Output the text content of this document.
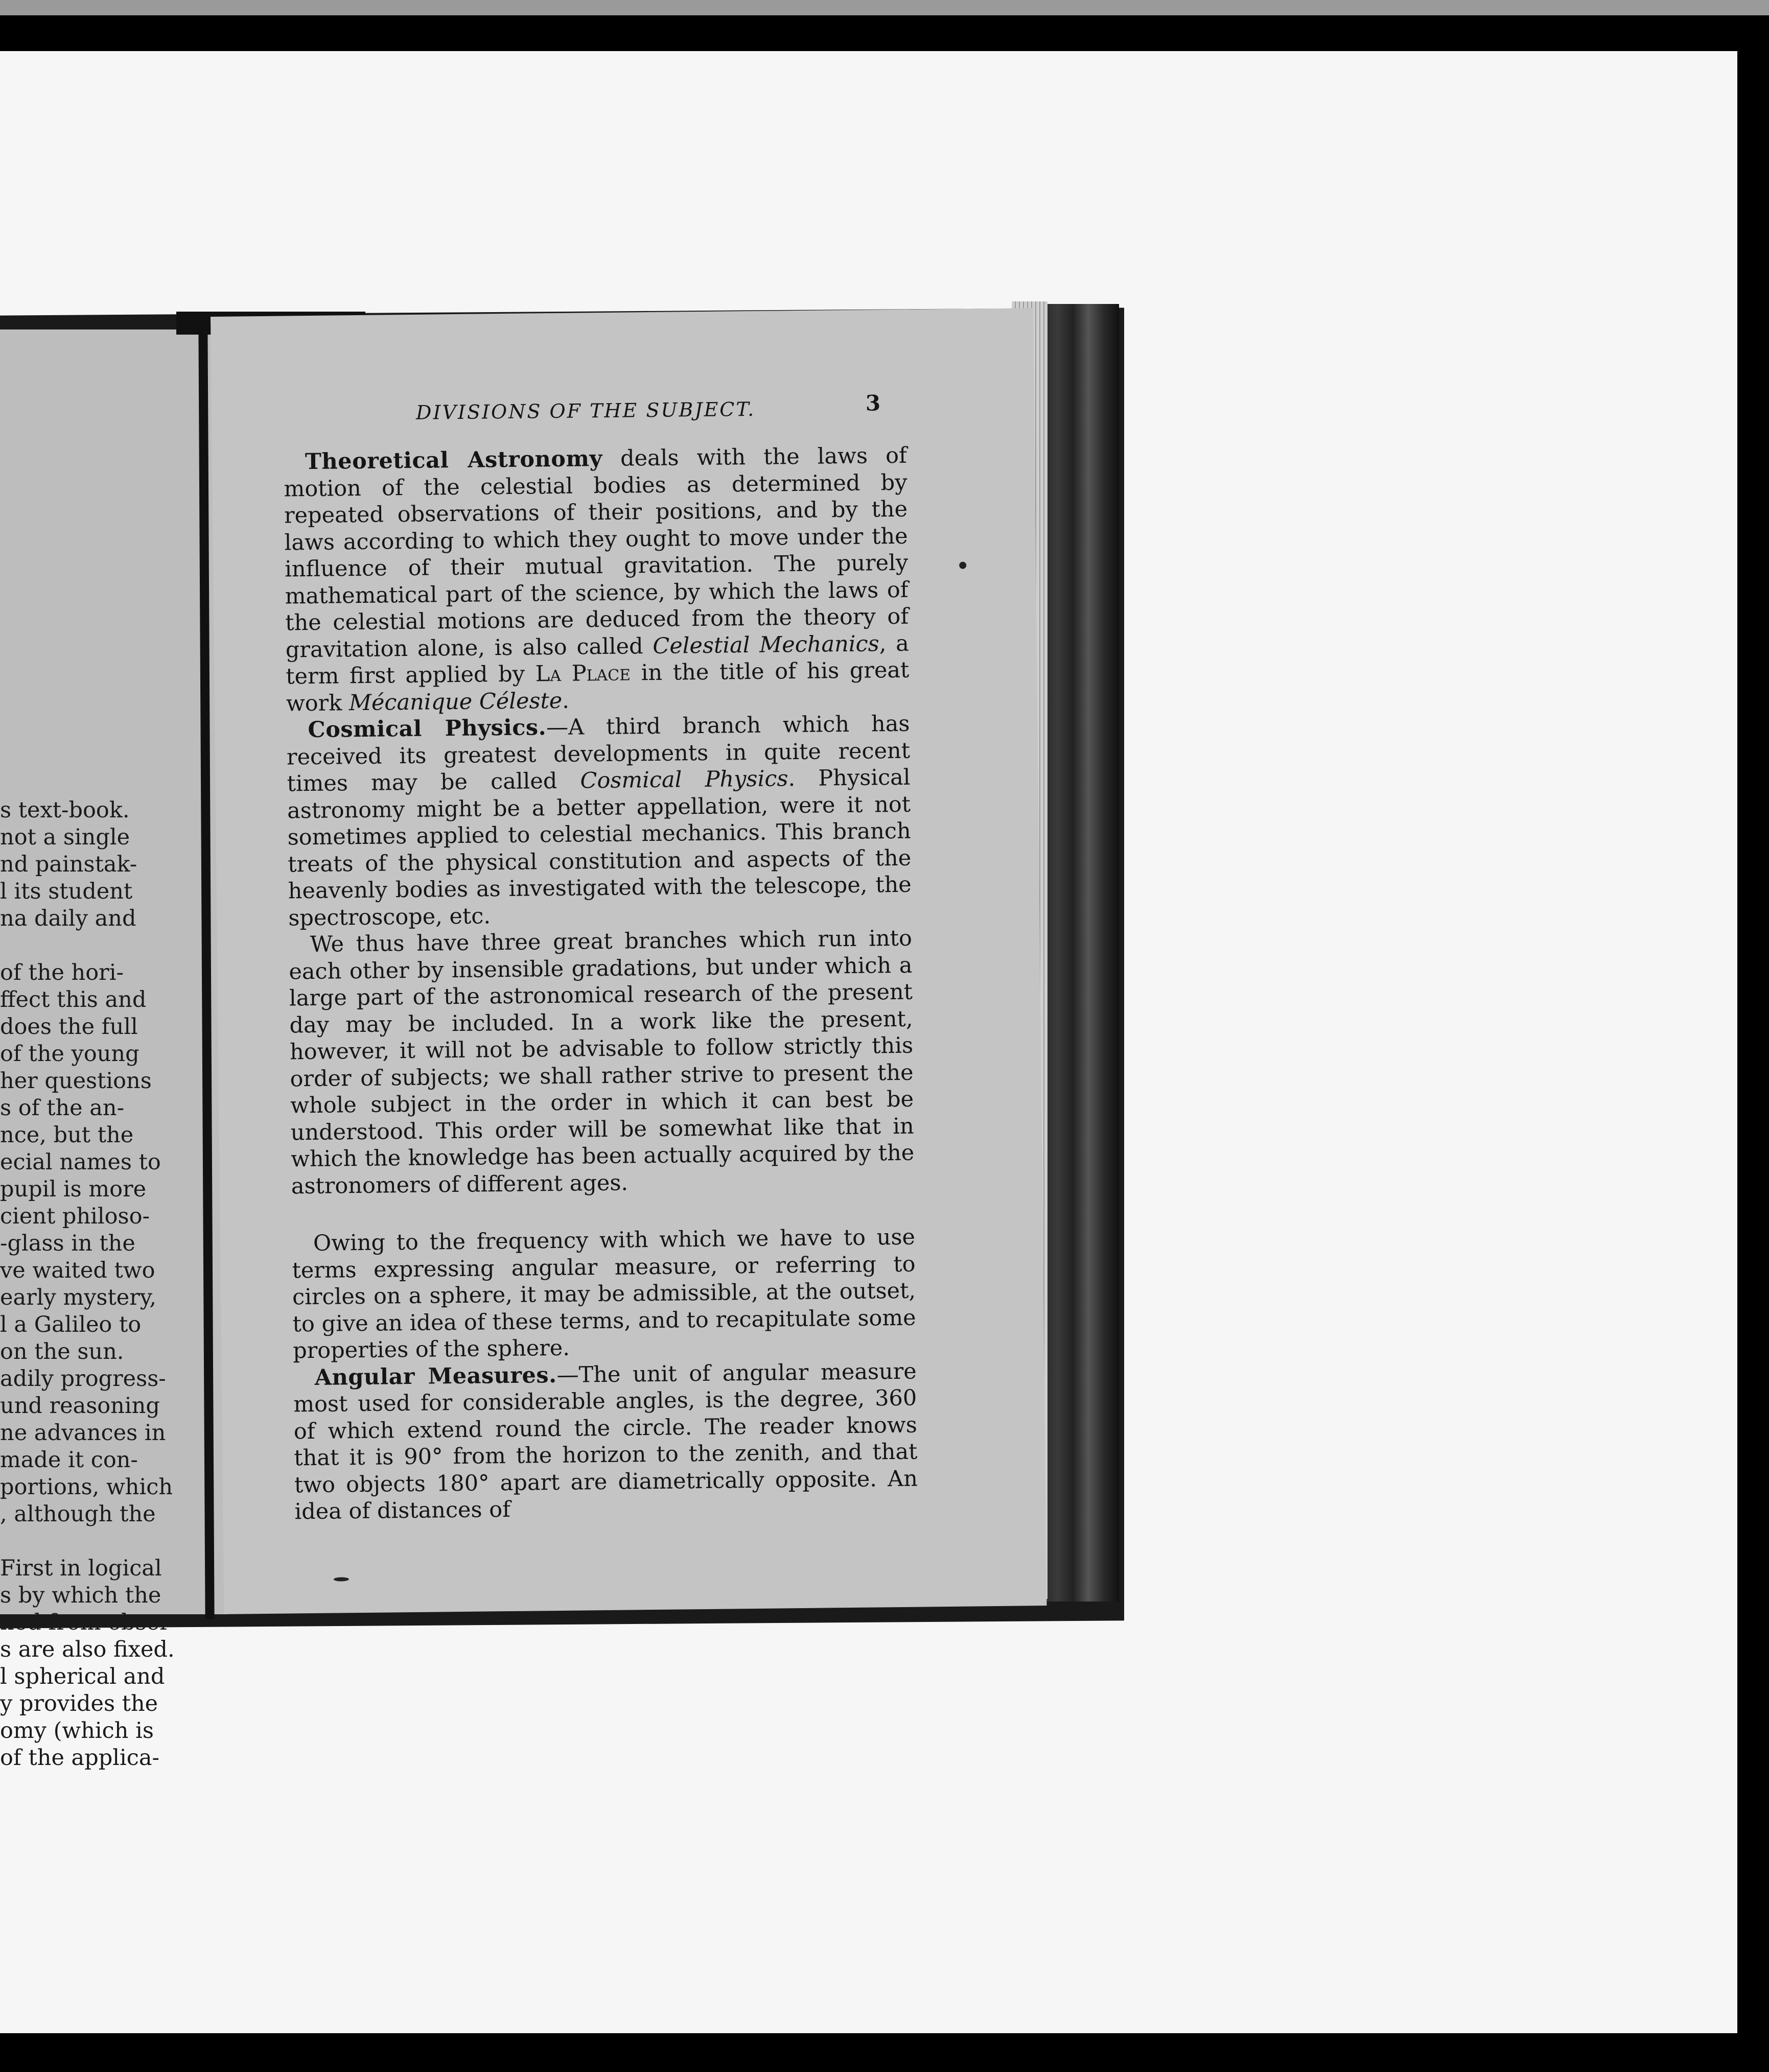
s text-book.
not a single
nd painstak-
l its student
na daily and

of the hori-
ffect this and
does the full
of the young
her questions
s of the an-
nce, but the
ecial names to
pupil is more
cient philoso-
-glass in the
ve waited two
early mystery,
l a Galileo to
on the sun.
adily progress-
und reasoning
ne advances in
made it con-
portions, which
, although the

First in logical
s by which the
ned from obser-
s are also fixed.
l spherical and
y provides the
omy (which is
of the applica-
DIVISIONS OF THE SUBJECT.	3

Theoretical Astronomy deals with the laws of motion of the celestial bodies as determined by repeated observations of their positions, and by the laws according to which they ought to move under the influence of their mutual gravitation. The purely mathematical part of the science, by which the laws of the celestial motions are deduced from the theory of gravitation alone, is also called Celestial Mechanics, a term first applied by La Place in the title of his great work Mécanique Céleste.

Cosmical Physics.—A third branch which has received its greatest developments in quite recent times may be called Cosmical Physics. Physical astronomy might be a better appellation, were it not sometimes applied to celestial mechanics. This branch treats of the physical constitution and aspects of the heavenly bodies as investigated with the telescope, the spectroscope, etc.

We thus have three great branches which run into each other by insensible gradations, but under which a large part of the astronomical research of the present day may be included. In a work like the present, however, it will not be advisable to follow strictly this order of subjects; we shall rather strive to present the whole subject in the order in which it can best be understood. This order will be somewhat like that in which the knowledge has been actually acquired by the astronomers of different ages.

Owing to the frequency with which we have to use terms expressing angular measure, or referring to circles on a sphere, it may be admissible, at the outset, to give an idea of these terms, and to recapitulate some properties of the sphere.

Angular Measures.—The unit of angular measure most used for considerable angles, is the degree, 360 of which extend round the circle. The reader knows that it is 90° from the horizon to the zenith, and that two objects 180° apart are diametrically opposite. An idea of distances of
